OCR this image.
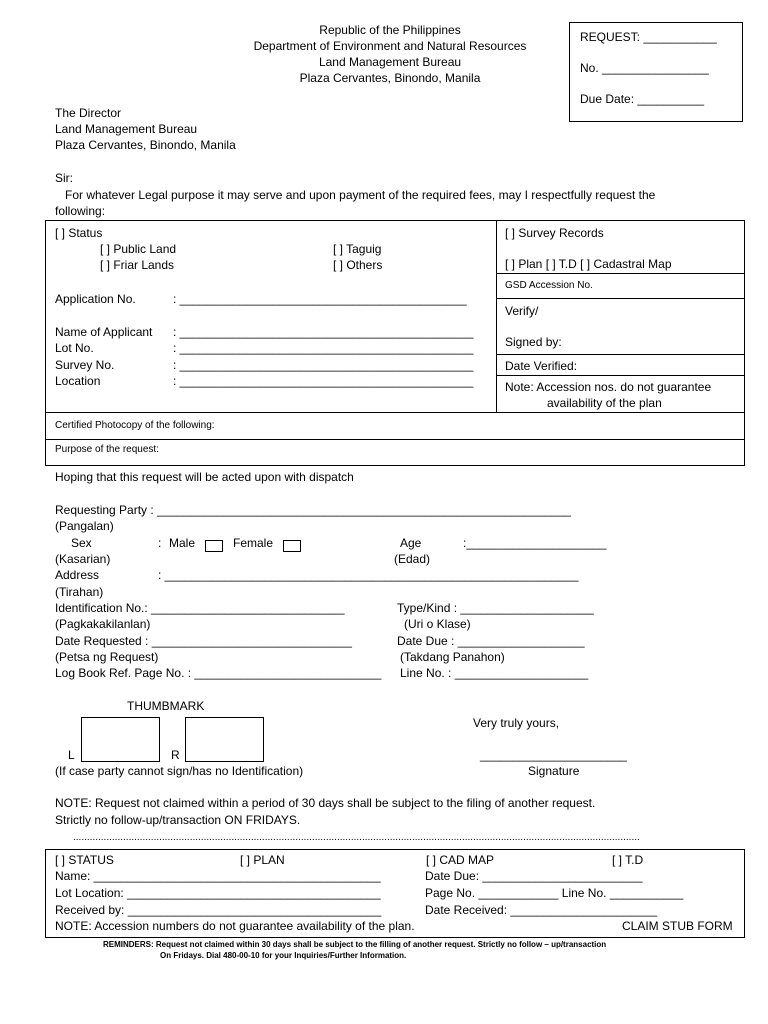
Republic of the Philippines
Department of Environment and Natural Resources
Land Management Bureau
Plaza Cervantes, Binondo, Manila
REQUEST: ___________
No. ________________
Due Date: __________
The Director
Land Management Bureau
Plaza Cervantes, Binondo, Manila
Sir:
For whatever Legal purpose it may serve and upon payment of the required fees, may I respectfully request the
following:
[ ] Status
[ ] Public Land	[ ] Taguig
[ ] Friar Lands	[ ] Others
Application No.	: ___________________________________________
Name of Applicant : ____________________________________________
Lot No.	: ____________________________________________
Survey No.	: ____________________________________________
Location	: ____________________________________________
[ ] Survey Records
[ ] Plan [ ] T.D [ ] Cadastral Map
GSD Accession No.
Verify/
Signed by:
Date Verified:
Note: Accession nos. do not guarantee
availability of the plan
Certified Photocopy of the following:
Purpose of the request:
Hoping that this request will be acted upon with dispatch
Requesting Party : ______________________________________________________________
(Pangalan)
Sex	: Male	Female	Age	:_____________________
(Kasarian)	(Edad)
Address	: ______________________________________________________________
(Tirahan)
Identification No.: _____________________________	Type/Kind : ____________________
(Pagkakakilanlan)	(Uri o Klase)
Date Requested : ______________________________	Date Due : ___________________
(Petsa ng Request)	(Takdang Panahon)
Log Book Ref. Page No. : ____________________________ Line No. : ____________________
THUMBMARK
L	R
(If case party cannot sign/has no Identification)
Very truly yours,
______________________
Signature
NOTE: Request not claimed within a period of 30 days shall be subject to the filing of another request.
Strictly no follow-up/transaction ON FRIDAYS.
............................................................................................................................................................................................................
[ ] STATUS	[ ] PLAN	[ ] CAD MAP	[ ] T.D
Name: ___________________________________________	Date Due: ________________________
Lot Location: ______________________________________	Page No. ____________ Line No. ___________
Received by: ______________________________________	Date Received: ______________________
NOTE: Accession numbers do not guarantee availability of the plan.	CLAIM STUB FORM
REMINDERS: Request not claimed within 30 days shall be subject to the filling of another request. Strictly no follow – up/transaction
On Fridays. Dial 480-00-10 for your Inquiries/Further Information.
